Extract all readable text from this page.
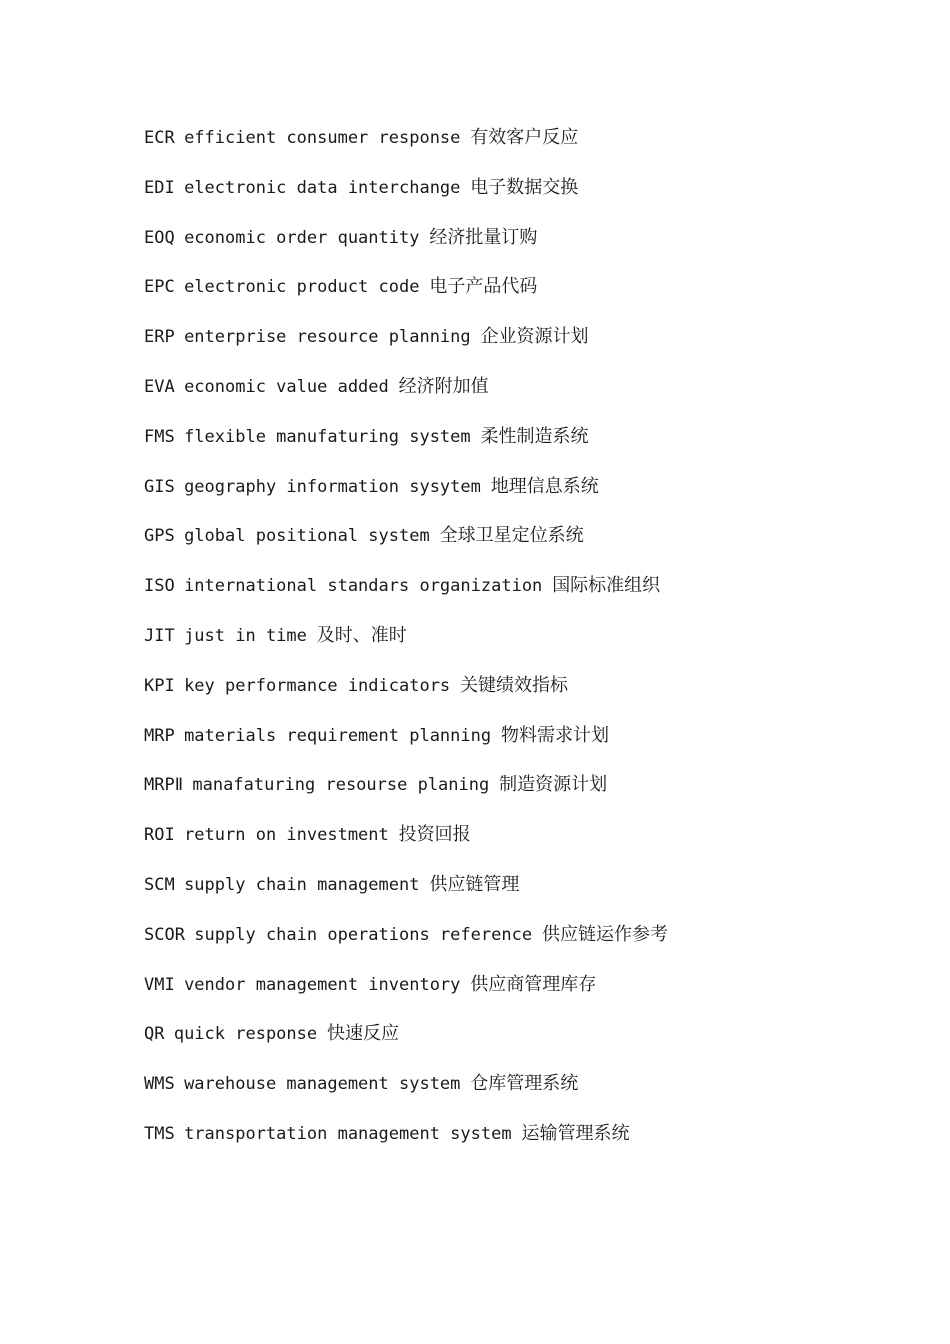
ECR efficient consumer response 有效客户反应
EDI electronic data interchange 电子数据交换
EOQ economic order quantity 经济批量订购
EPC electronic product code 电子产品代码
ERP enterprise resource planning 企业资源计划
EVA economic value added 经济附加值
FMS flexible manufaturing system 柔性制造系统
GIS geography information sysytem 地理信息系统
GPS global positional system 全球卫星定位系统
ISO international standars organization 国际标准组织
JIT just in time 及时、准时
KPI key performance indicators 关键绩效指标
MRP materials requirement planning 物料需求计划
MRPⅡ manafaturing resourse planing 制造资源计划
ROI return on investment 投资回报
SCM supply chain management 供应链管理
SCOR supply chain operations reference 供应链运作参考
VMI vendor management inventory 供应商管理库存
QR quick response 快速反应
WMS warehouse management system 仓库管理系统
TMS transportation management system 运输管理系统
